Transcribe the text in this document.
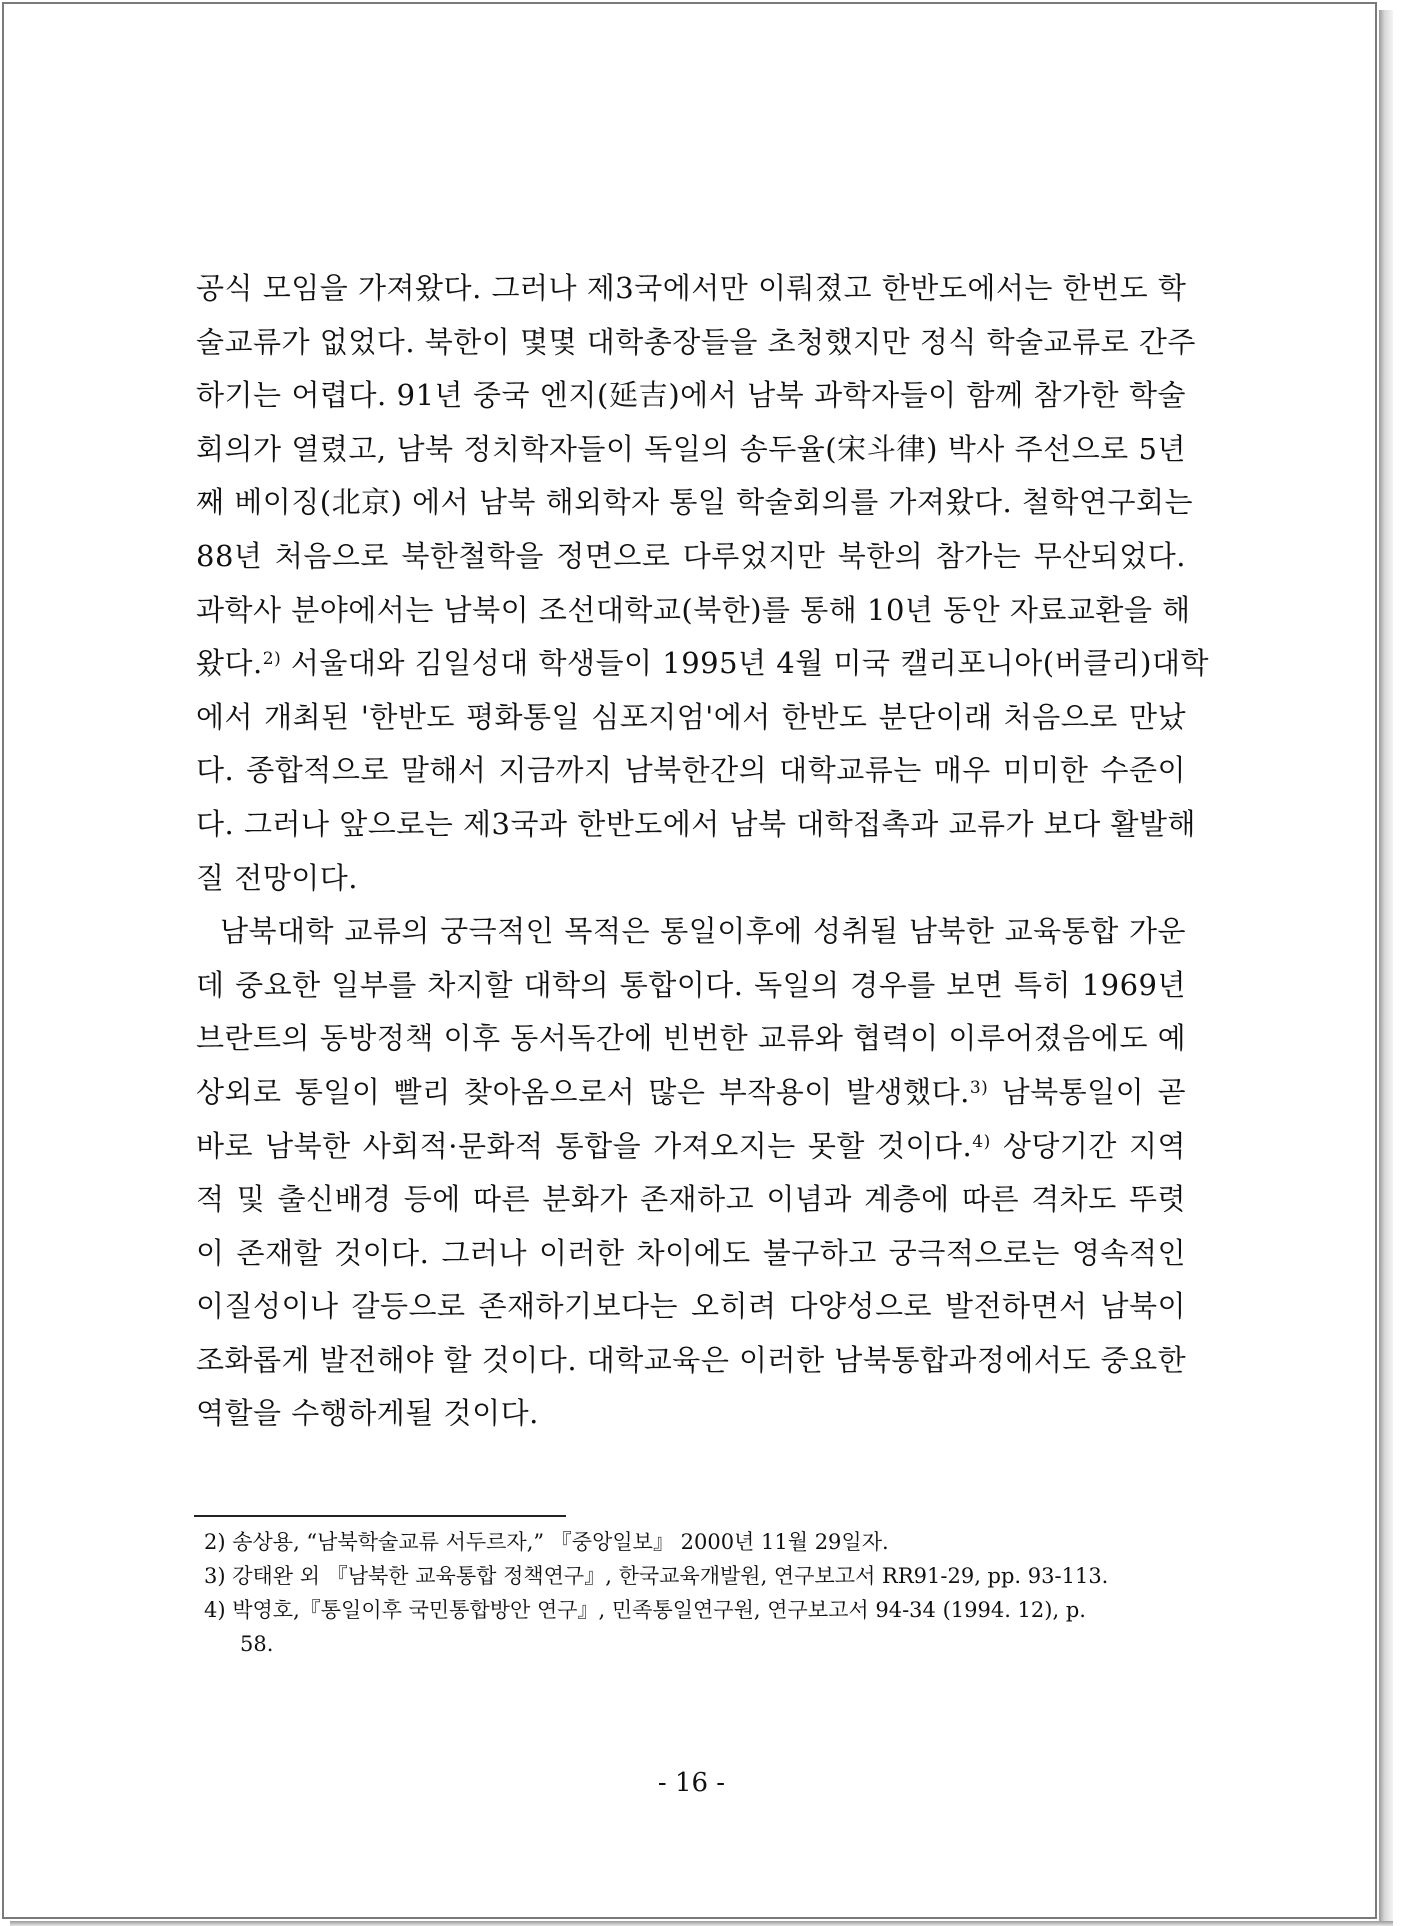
공식 모임을 가져왔다. 그러나 제3국에서만 이뤄졌고 한반도에서는 한번도 학
술교류가 없었다. 북한이 몇몇 대학총장들을 초청했지만 정식 학술교류로 간주
하기는 어렵다. 91년 중국 엔지(延吉)에서 남북 과학자들이 함께 참가한 학술
회의가 열렸고, 남북 정치학자들이 독일의 송두율(宋斗律) 박사 주선으로 5년
째 베이징(北京) 에서 남북 해외학자 통일 학술회의를 가져왔다. 철학연구회는
88년 처음으로 북한철학을 정면으로 다루었지만 북한의 참가는 무산되었다.
과학사 분야에서는 남북이 조선대학교(북한)를 통해 10년 동안 자료교환을 해
왔다.$^{2)}$ 서울대와 김일성대 학생들이 1995년 4월 미국 캘리포니아(버클리)대학
에서 개최된 '한반도 평화통일 심포지엄'에서 한반도 분단이래 처음으로 만났
다. 종합적으로 말해서 지금까지 남북한간의 대학교류는 매우 미미한 수준이
다. 그러나 앞으로는 제3국과 한반도에서 남북 대학접촉과 교류가 보다 활발해
질 전망이다.

남북대학 교류의 궁극적인 목적은 통일이후에 성취될 남북한 교육통합 가운
데 중요한 일부를 차지할 대학의 통합이다. 독일의 경우를 보면 특히 1969년
브란트의 동방정책 이후 동서독간에 빈번한 교류와 협력이 이루어졌음에도 예
상외로 통일이 빨리 찾아옴으로서 많은 부작용이 발생했다.$^{3)}$ 남북통일이 곧
바로 남북한 사회적·문화적 통합을 가져오지는 못할 것이다.$^{4)}$ 상당기간 지역
적 및 출신배경 등에 따른 분화가 존재하고 이념과 계층에 따른 격차도 뚜렷
이 존재할 것이다. 그러나 이러한 차이에도 불구하고 궁극적으로는 영속적인
이질성이나 갈등으로 존재하기보다는 오히려 다양성으로 발전하면서 남북이
조화롭게 발전해야 할 것이다. 대학교육은 이러한 남북통합과정에서도 중요한
역할을 수행하게될 것이다.

2) 송상용, “남북학술교류 서두르자,” 『중앙일보』 2000년 11월 29일자.
3) 강태완 외 『남북한 교육통합 정책연구』, 한국교육개발원, 연구보고서 RR91-29, pp. 93-113.
4) 박영호,『통일이후 국민통합방안 연구』, 민족통일연구원, 연구보고서 94-34 (1994. 12), p.
58.
- 16 -
